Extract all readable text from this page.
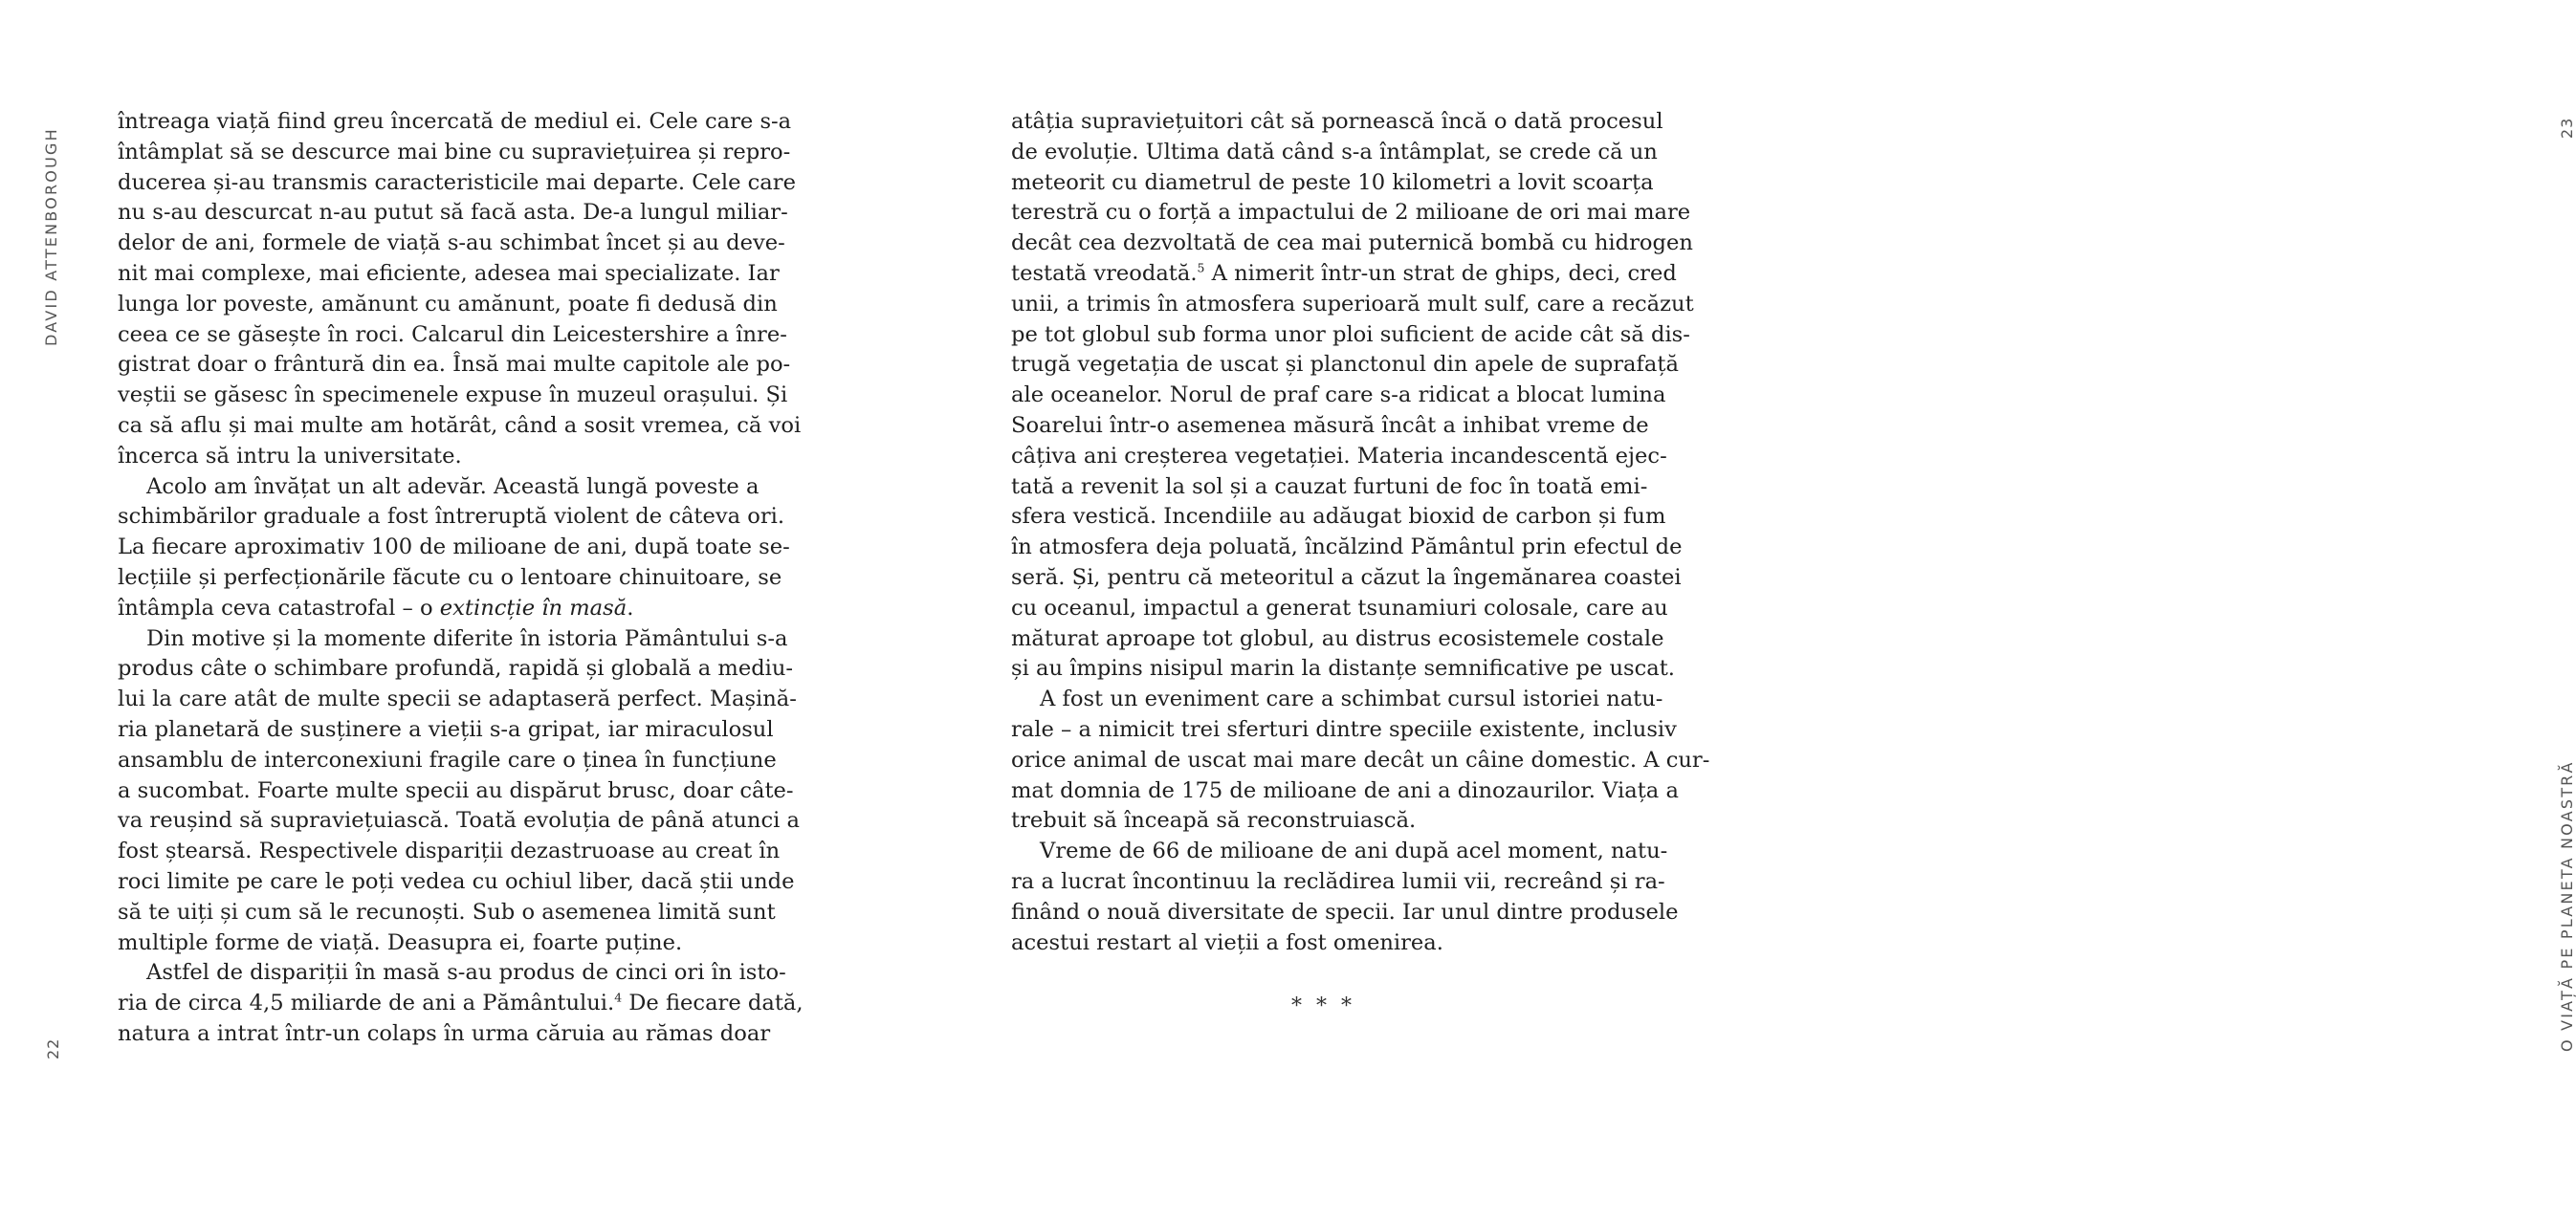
DAVID ATTENBOROUGH
22
întreaga viață fiind greu încercată de mediul ei. Cele care s-a
întâmplat să se descurce mai bine cu supraviețuirea și repro-
ducerea și-au transmis caracteristicile mai departe. Cele care
nu s-au descurcat n-au putut să facă asta. De-a lungul miliar-
delor de ani, formele de viață s-au schimbat încet și au deve-
nit mai complexe, mai eficiente, adesea mai specializate. Iar
lunga lor poveste, amănunt cu amănunt, poate fi dedusă din
ceea ce se găsește în roci. Calcarul din Leicestershire a înre-
gistrat doar o frântură din ea. Însă mai multe capitole ale po-
veștii se găsesc în specimenele expuse în muzeul orașului. Și
ca să aflu și mai multe am hotărât, când a sosit vremea, că voi
încerca să intru la universitate.
Acolo am învățat un alt adevăr. Această lungă poveste a
schimbărilor graduale a fost întreruptă violent de câteva ori.
La fiecare aproximativ 100 de milioane de ani, după toate se-
lecțiile și perfecționările făcute cu o lentoare chinuitoare, se
întâmpla ceva catastrofal – o extincție în masă.
Din motive și la momente diferite în istoria Pământului s-a
produs câte o schimbare profundă, rapidă și globală a mediu-
lui la care atât de multe specii se adaptaseră perfect. Mașină-
ria planetară de susținere a vieții s-a gripat, iar miraculosul
ansamblu de interconexiuni fragile care o ținea în funcțiune
a sucombat. Foarte multe specii au dispărut brusc, doar câte-
va reușind să supraviețuiască. Toată evoluția de până atunci a
fost ștearsă. Respectivele dispariții dezastruoase au creat în
roci limite pe care le poți vedea cu ochiul liber, dacă știi unde
să te uiți și cum să le recunoști. Sub o asemenea limită sunt
multiple forme de viață. Deasupra ei, foarte puține.
Astfel de dispariții în masă s-au produs de cinci ori în isto-
ria de circa 4,5 miliarde de ani a Pământului.$^4$ De fiecare dată,
natura a intrat într-un colaps în urma căruia au rămas doar
atâția supraviețuitori cât să pornească încă o dată procesul
de evoluție. Ultima dată când s-a întâmplat, se crede că un
meteorit cu diametrul de peste 10 kilometri a lovit scoarța
terestră cu o forță a impactului de 2 milioane de ori mai mare
decât cea dezvoltată de cea mai puternică bombă cu hidrogen
testată vreodată.$^5$ A nimerit într-un strat de ghips, deci, cred
unii, a trimis în atmosfera superioară mult sulf, care a recăzut
pe tot globul sub forma unor ploi suficient de acide cât să dis-
trugă vegetația de uscat și planctonul din apele de suprafață
ale oceanelor. Norul de praf care s-a ridicat a blocat lumina
Soarelui într-o asemenea măsură încât a inhibat vreme de
câțiva ani creșterea vegetației. Materia incandescentă ejec-
tată a revenit la sol și a cauzat furtuni de foc în toată emi-
sfera vestică. Incendiile au adăugat bioxid de carbon și fum
în atmosfera deja poluată, încălzind Pământul prin efectul de
seră. Și, pentru că meteoritul a căzut la îngemănarea coastei
cu oceanul, impactul a generat tsunamiuri colosale, care au
măturat aproape tot globul, au distrus ecosistemele costale
și au împins nisipul marin la distanțe semnificative pe uscat.
A fost un eveniment care a schimbat cursul istoriei natu-
rale – a nimicit trei sferturi dintre speciile existente, inclusiv
orice animal de uscat mai mare decât un câine domestic. A cur-
mat domnia de 175 de milioane de ani a dinozaurilor. Viața a
trebuit să înceapă să reconstruiască.
Vreme de 66 de milioane de ani după acel moment, natu-
ra a lucrat încontinuu la reclădirea lumii vii, recreând și ra-
finând o nouă diversitate de specii. Iar unul dintre produsele
acestui restart al vieții a fost omenirea.	O VIAȚĂ PE PLANETA NOASTRĂ
23
* * *
